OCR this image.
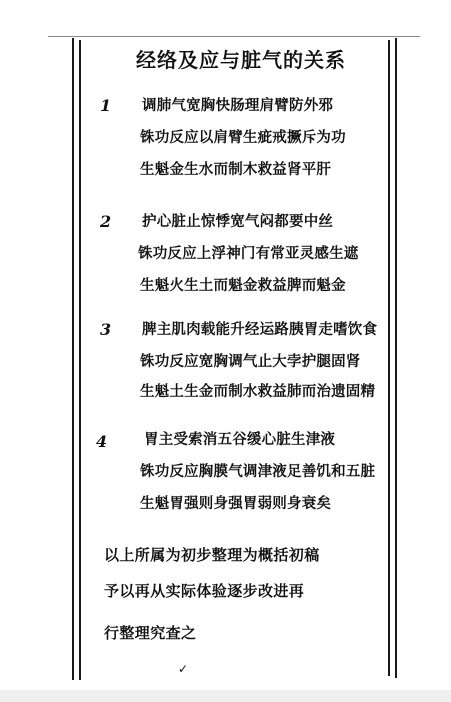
经络及应与脏气的关系
1 调肺气宽胸快肠理肩臂防外邪
铢功反应以肩臂生疵戒撅斥为功
生魁金生水而制木救益肾平肝
2 护心脏止惊悸宽气闷都要中丝
铢功反应上浮神门有常亚灵感生遮
生魁火生土而魁金救益脾而魁金
3 脾主肌肉载能升经运路胰胃走嗜饮食
铢功反应宽胸调气止大孛护腿固肾
生魁土生金而制水救益肺而治遗固精
4	胃主受索消五谷缓心脏生津液
铢功反应胸膜气调津液足善饥和五脏
生魁胃强则身强胃弱则身衰矣
以上所属为初步整理为概括初稿
予以再从实际体验逐步改进再
行整理究查之
✓
